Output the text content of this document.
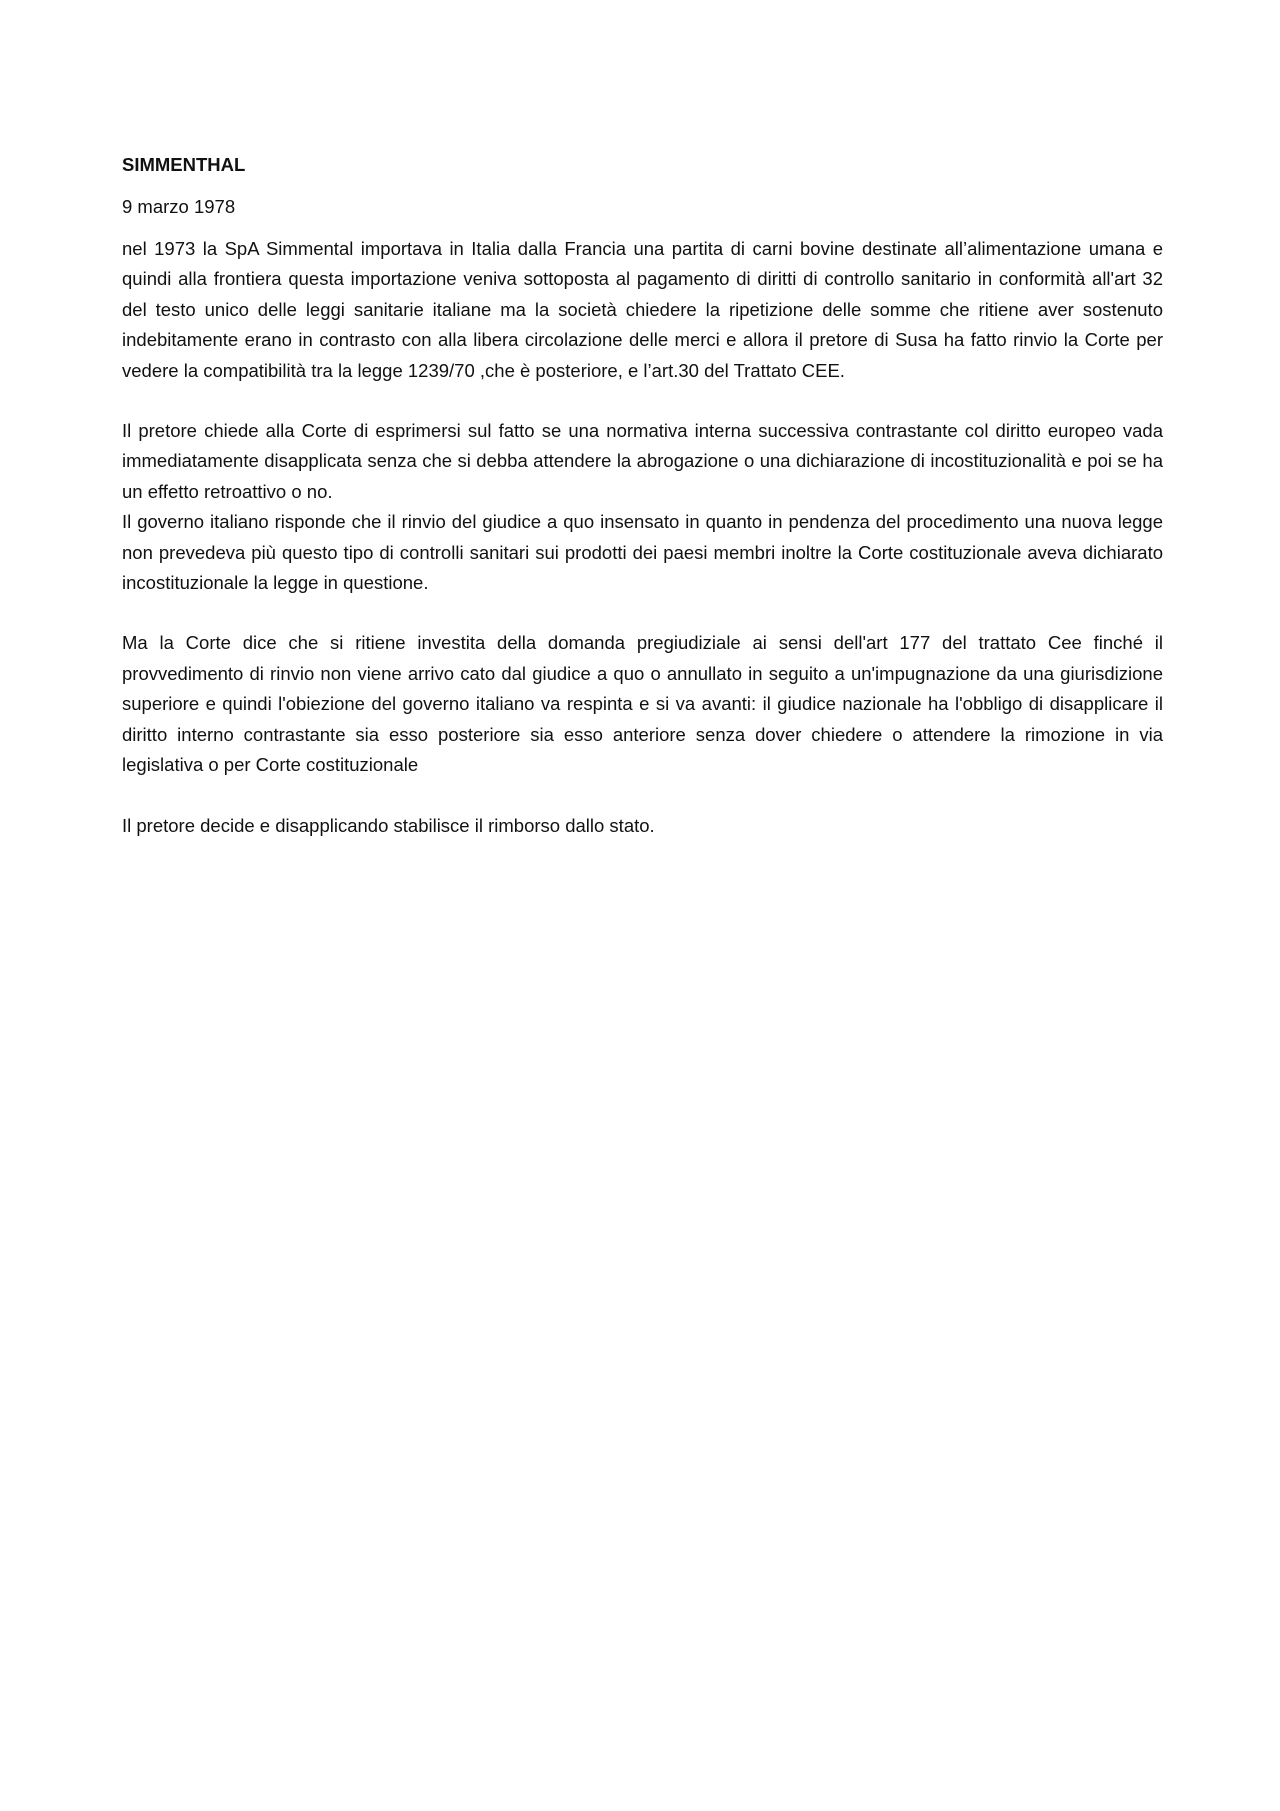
SIMMENTHAL
9 marzo 1978

nel 1973 la SpA Simmental importava in Italia dalla Francia una partita di carni bovine destinate all’alimentazione umana e quindi alla frontiera questa importazione veniva sottoposta al pagamento di diritti di controllo sanitario in conformità all'art 32 del testo unico delle leggi sanitarie italiane ma la società chiedere la ripetizione delle somme che ritiene aver sostenuto indebitamente erano in contrasto con alla libera circolazione delle merci e allora il pretore di Susa ha fatto rinvio la Corte per vedere la compatibilità tra la legge 1239/70 ,che è posteriore, e l’art.30 del Trattato CEE.

Il pretore chiede alla Corte di esprimersi sul fatto se una normativa interna successiva contrastante col diritto europeo vada immediatamente disapplicata senza che si debba attendere la abrogazione o una dichiarazione di incostituzionalità e poi se ha un effetto retroattivo o no.

Il governo italiano risponde che il rinvio del giudice a quo insensato in quanto in pendenza del procedimento una nuova legge non prevedeva più questo tipo di controlli sanitari sui prodotti dei paesi membri inoltre la Corte costituzionale aveva dichiarato incostituzionale la legge in questione.

Ma la Corte dice che si ritiene investita della domanda pregiudiziale ai sensi dell'art 177 del trattato Cee finché il provvedimento di rinvio non viene arrivo cato dal giudice a quo o annullato in seguito a un'impugnazione da una giurisdizione superiore e quindi l'obiezione del governo italiano va respinta e si va avanti: il giudice nazionale ha l'obbligo di disapplicare il diritto interno contrastante sia esso posteriore sia esso anteriore senza dover chiedere o attendere la rimozione in via legislativa o per Corte costituzionale

Il pretore decide e disapplicando stabilisce il rimborso dallo stato.
